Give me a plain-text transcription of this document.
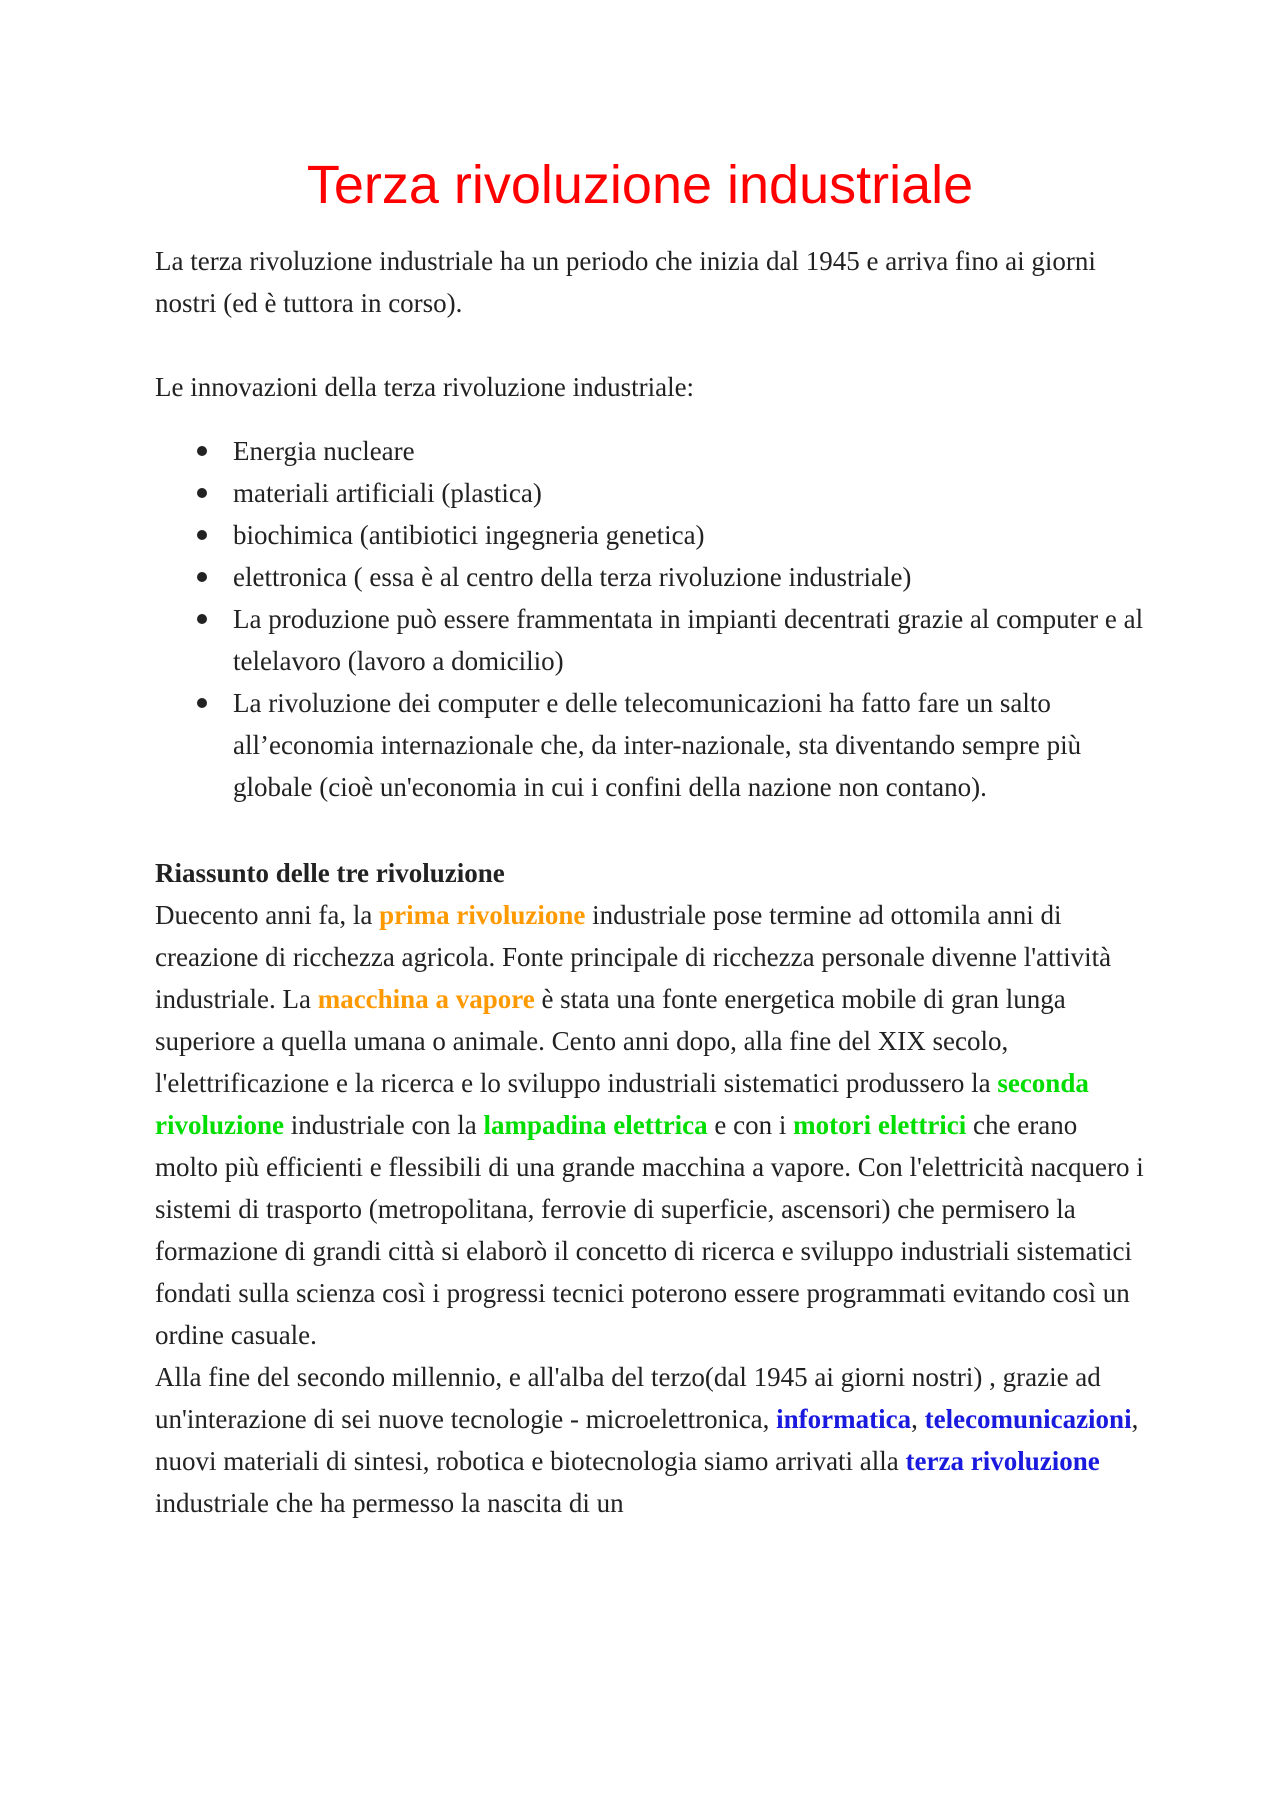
Terza rivoluzione industriale

La terza rivoluzione industriale ha un periodo che inizia dal 1945 e arriva fino ai giorni nostri (ed è tuttora in corso).

Le innovazioni della terza rivoluzione industriale:

Energia nucleare
materiali artificiali (plastica)
biochimica (antibiotici ingegneria genetica)
elettronica ( essa è al centro della terza rivoluzione industriale)
La produzione può essere frammentata in impianti decentrati grazie al computer e al telelavoro (lavoro a domicilio)
La rivoluzione dei computer e delle telecomunicazioni ha fatto fare un salto all’economia internazionale che, da inter-nazionale, sta diventando sempre più globale (cioè un'economia in cui i confini della nazione non contano).

Riassunto delle tre rivoluzione

Duecento anni fa, la prima rivoluzione industriale pose termine ad ottomila anni di creazione di ricchezza agricola. Fonte principale di ricchezza personale divenne l'attività industriale. La macchina a vapore è stata una fonte energetica mobile di gran lunga superiore a quella umana o animale. Cento anni dopo, alla fine del XIX secolo, l'elettrificazione e la ricerca e lo sviluppo industriali sistematici produssero la seconda rivoluzione industriale con la lampadina elettrica e con i motori elettrici che erano molto più efficienti e flessibili di una grande macchina a vapore. Con l'elettricità nacquero i sistemi di trasporto (metropolitana, ferrovie di superficie, ascensori) che permisero la formazione di grandi città si elaborò il concetto di ricerca e sviluppo industriali sistematici fondati sulla scienza così i progressi tecnici poterono essere programmati evitando così un ordine casuale.

Alla fine del secondo millennio, e all'alba del terzo(dal 1945 ai giorni nostri) , grazie ad un'interazione di sei nuove tecnologie - microelettronica, informatica, telecomunicazioni, nuovi materiali di sintesi, robotica e biotecnologia siamo arrivati alla terza rivoluzione industriale che ha permesso la nascita di un
